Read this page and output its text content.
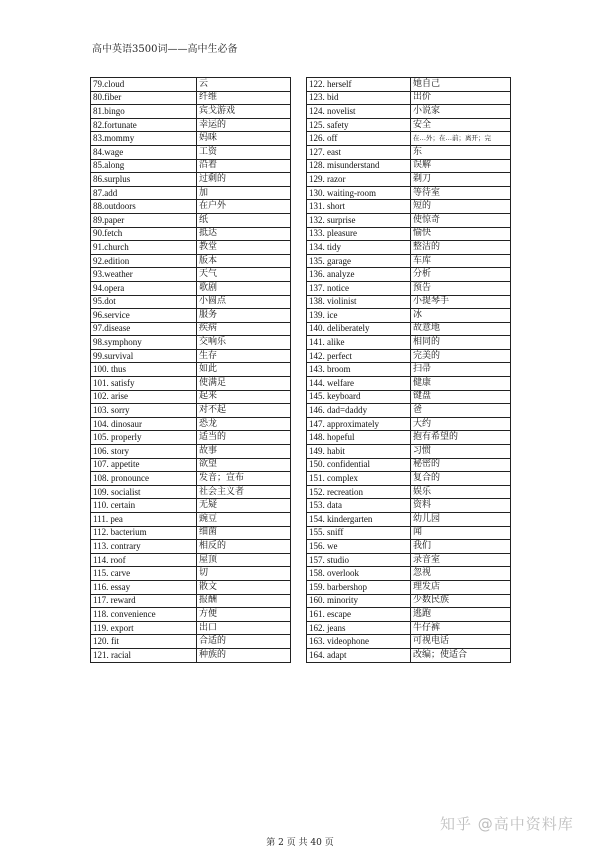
高中英语3500词——高中生必备
79.cloud	云
80.fiber	纤维
81.bingo	宾戈游戏
82.fortunate	幸运的
83.mommy	妈咪
84.wage	工资
85.along	沿着
86.surplus	过剩的
87.add	加
88.outdoors	在户外
89.paper	纸
90.fetch	抵达
91.church	教堂
92.edition	版本
93.weather	天气
94.opera	歌剧
95.dot	小圆点
96.service	服务
97.disease	疾病
98.symphony	交响乐
99.survival	生存
100. thus	如此
101. satisfy	使满足
102. arise	起来
103. sorry	对不起
104. dinosaur	恐龙
105. properly	适当的
106. story	故事
107. appetite	欲望
108. pronounce	发音；宣布
109. socialist	社会主义者
110. certain	无疑
111. pea	豌豆
112. bacterium	细菌
113. contrary	相反的
114. roof	屋顶
115. carve	切
116. essay	散文
117. reward	报酬
118. convenience	方便
119. export	出口
120. fit	合适的
121. racial	种族的
122. herself	她自己
123. bid	出价
124. novelist	小说家
125. safety	安全
126. off	在…外；在…前；离开；完
127. east	东
128. misunderstand	误解
129. razor	剃刀
130. waiting-room	等待室
131. short	短的
132. surprise	使惊奇
133. pleasure	愉快
134. tidy	整洁的
135. garage	车库
136. analyze	分析
137. notice	预告
138. violinist	小提琴手
139. ice	冰
140. deliberately	故意地
141. alike	相同的
142. perfect	完美的
143. broom	扫帚
144. welfare	健康
145. keyboard	键盘
146. dad=daddy	爸
147. approximately	大约
148. hopeful	抱有希望的
149. habit	习惯
150. confidential	秘密的
151. complex	复合的
152. recreation	娱乐
153. data	资料
154. kindergarten	幼儿园
155. sniff	闻
156. we	我们
157. studio	录音室
158. overlook	忽视
159. barbershop	理发店
160. minority	少数民族
161. escape	逃跑
162. jeans	牛仔裤
163. videophone	可视电话
164. adapt	改编；使适合
知乎 @高中资料库
第 2 页 共 40 页
